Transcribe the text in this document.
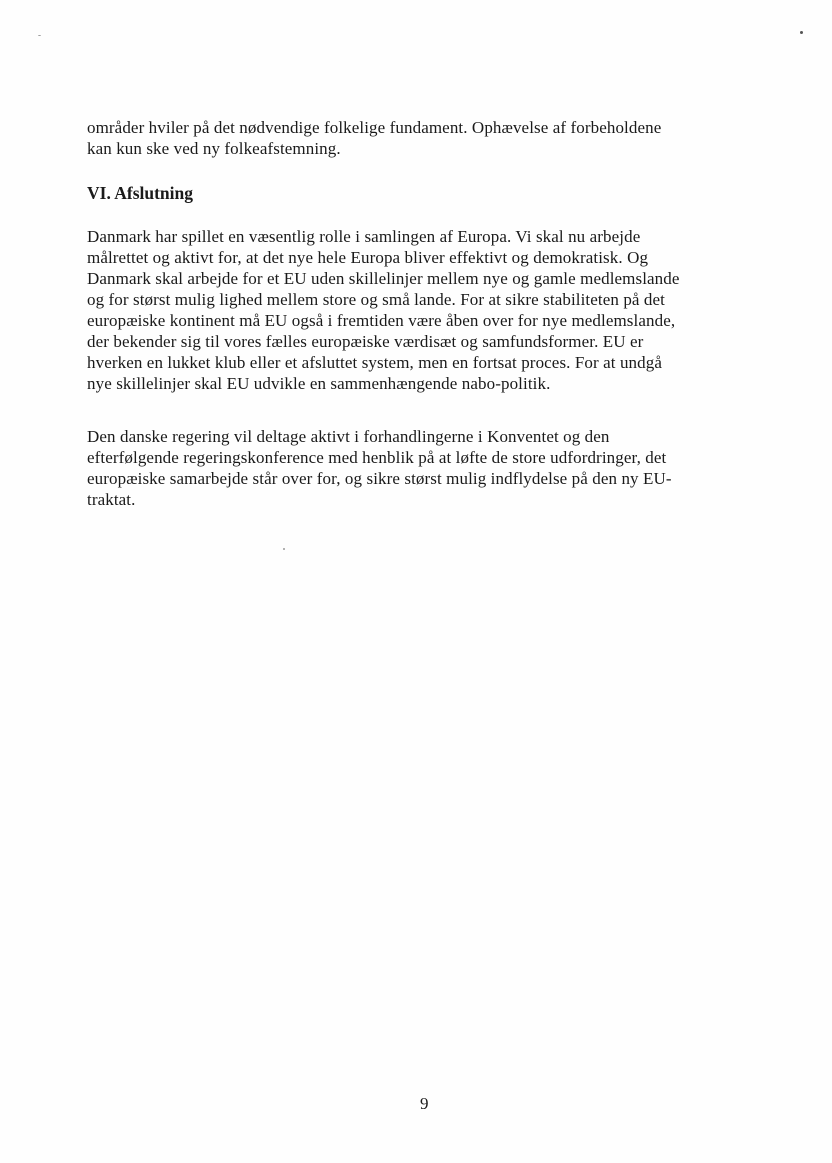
områder hviler på det nødvendige folkelige fundament. Ophævelse af forbeholdene
kan kun ske ved ny folkeafstemning.
VI. Afslutning
Danmark har spillet en væsentlig rolle i samlingen af Europa. Vi skal nu arbejde
målrettet og aktivt for, at det nye hele Europa bliver effektivt og demokratisk. Og
Danmark skal arbejde for et EU uden skillelinjer mellem nye og gamle medlemslande
og for størst mulig lighed mellem store og små lande. For at sikre stabiliteten på det
europæiske kontinent må EU også i fremtiden være åben over for nye medlemslande,
der bekender sig til vores fælles europæiske værdisæt og samfundsformer. EU er
hverken en lukket klub eller et afsluttet system, men en fortsat proces. For at undgå
nye skillelinjer skal EU udvikle en sammenhængende nabo-politik.
Den danske regering vil deltage aktivt i forhandlingerne i Konventet og den
efterfølgende regeringskonference med henblik på at løfte de store udfordringer, det
europæiske samarbejde står over for, og sikre størst mulig indflydelse på den ny EU-
traktat.
9
